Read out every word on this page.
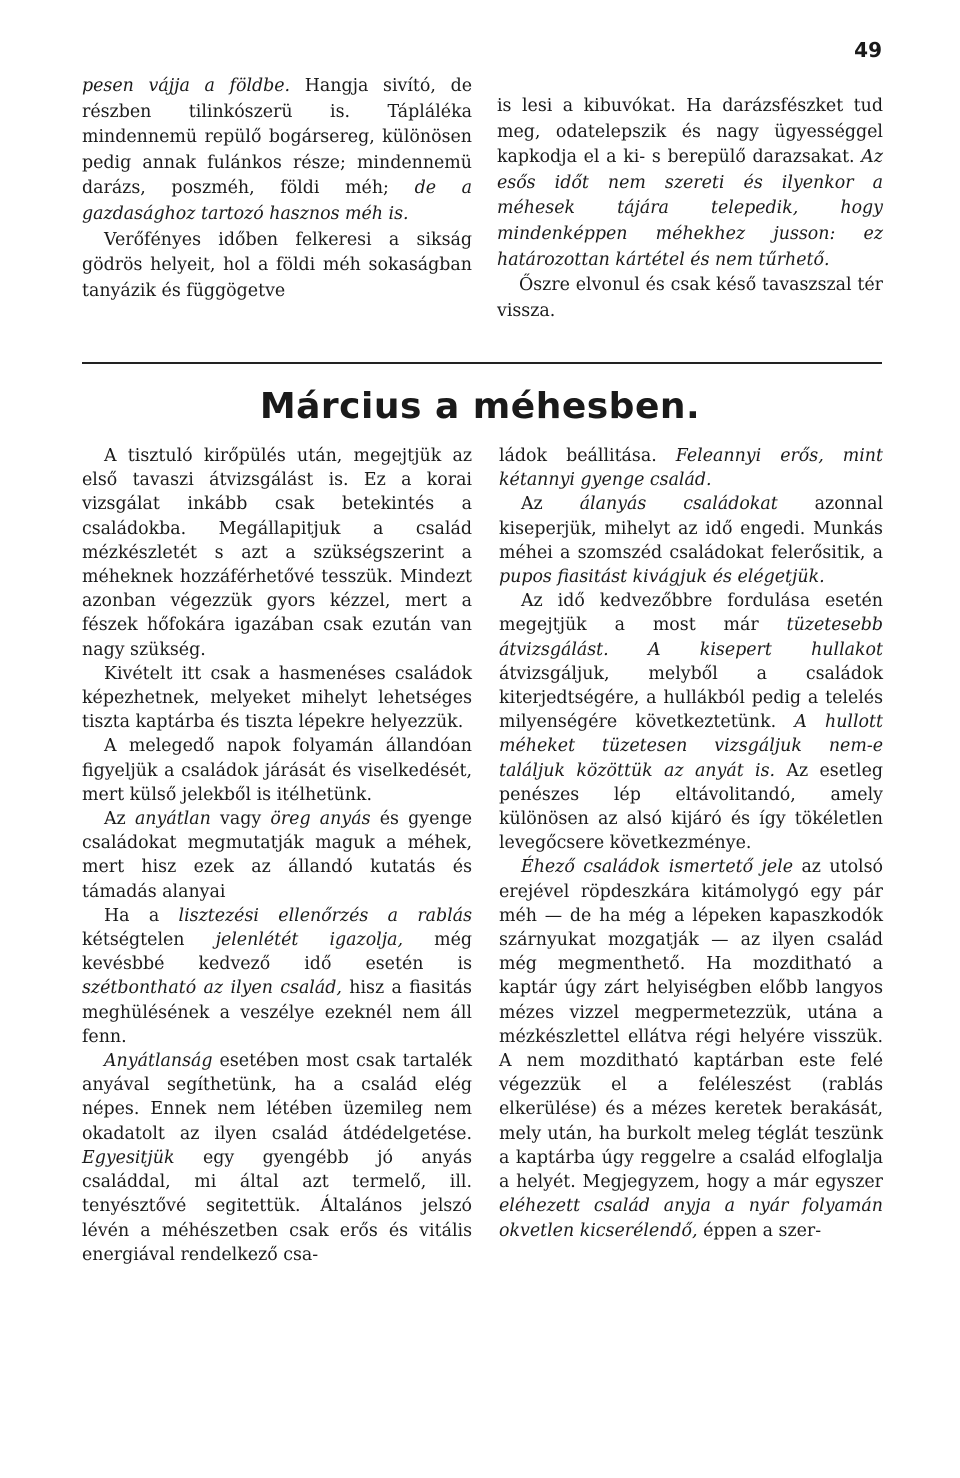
49

pesen vájja a földbe. Hangja sivító, de részben tilinkószerü is. Tápláléka mindennemü repülő bogársereg, különösen pedig annak fulánkos része; mindennemü darázs, poszméh, földi méh; de a gazdasághoz tartozó hasznos méh is.

Verőfényes időben felkeresi a sikság gödrös helyeit, hol a földi méh sokaságban tanyázik és függögetve

is lesi a kibuvókat. Ha darázsfészket tud meg, odatelepszik és nagy ügyességgel kapkodja el a ki- s berepülő darazsakat. Az esős időt nem szereti és ilyenkor a méhesek tájára telepedik, hogy mindenképpen méhekhez jusson: ez határozottan kártétel és nem tűrhető.

Őszre elvonul és csak késő tavaszszal tér vissza.

Március a méhesben.

A tisztuló kirőpülés után, megejtjük az első tavaszi átvizsgálást is. Ez a korai vizsgálat inkább csak betekintés a családokba. Megállapitjuk a család mézkészletét s azt a szükségszerint a méheknek hozzáférhetővé tesszük. Mindezt azonban végezzük gyors kézzel, mert a fészek hőfokára igazában csak ezután van nagy szükség.

Kivételt itt csak a hasmenéses családok képezhetnek, melyeket mihelyt lehetséges tiszta kaptárba és tiszta lépekre helyezzük.

A melegedő napok folyamán állandóan figyeljük a családok járását és viselkedését, mert külső jelekből is itélhetünk.

Az anyátlan vagy öreg anyás és gyenge családokat megmutatják maguk a méhek, mert hisz ezek az állandó kutatás és támadás alanyai

Ha a lisztezési ellenőrzés a rablás kétségtelen jelenlétét igazolja, még kevésbbé kedvező idő esetén is szétbontható az ilyen család, hisz a fiasitás meghülésének a veszélye ezeknél nem áll fenn.

Anyátlanság esetében most csak tartalék anyával segíthetünk, ha a család elég népes. Ennek nem létében üzemileg nem okadatolt az ilyen család átdédelgetése. Egyesitjük egy gyengébb jó anyás családdal, mi által azt termelő, ill. tenyésztővé segitettük. Általános jelszó lévén a méhészetben csak erős és vitális energiával rendelkező csa-

ládok beállitása. Feleannyi erős, mint kétannyi gyenge család.

Az álanyás családokat azonnal kiseperjük, mihelyt az idő engedi. Munkás méhei a szomszéd családokat felerősitik, a pupos fiasitást kivágjuk és elégetjük.

Az idő kedvezőbbre fordulása esetén megejtjük a most már tüzetesebb átvizsgálást. A kisepert hullakot átvizsgáljuk, melyből a családok kiterjedtségére, a hullákból pedig a telelés milyenségére következtetünk. A hullott méheket tüzetesen vizsgáljuk nem-e találjuk közöttük az anyát is. Az esetleg penészes lép eltávolitandó, amely különösen az alsó kijáró és így tökéletlen levegőcsere következménye.

Éhező családok ismertető jele az utolsó erejével röpdeszkára kitámolygó egy pár méh — de ha még a lépeken kapaszkodók szárnyukat mozgatják — az ilyen család még megmenthető. Ha mozditható a kaptár úgy zárt helyiségben előbb langyos mézes vizzel megpermetezzük, utána a mézkészlettel ellátva régi helyére visszük. A nem mozditható kaptárban este felé végezzük el a feléleszést (rablás elkerülése) és a mézes keretek berakását, mely után, ha burkolt meleg téglát teszünk a kaptárba úgy reggelre a család elfoglalja a helyét. Megjegyzem, hogy a már egyszer eléhezett család anyja a nyár folyamán okvetlen kicserélendő, éppen a szer-
